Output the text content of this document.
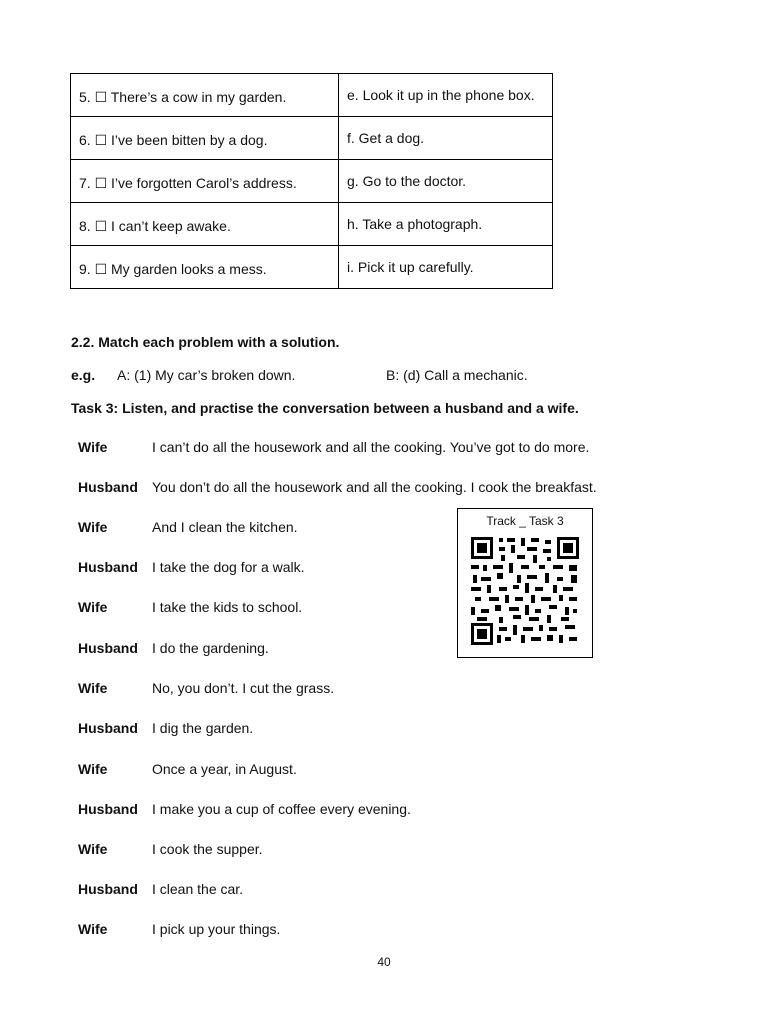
5. ☐ There’s a cow in my garden.	e. Look it up in the phone box.
6. ☐ I’ve been bitten by a dog.	f. Get a dog.
7. ☐ I’ve forgotten Carol’s address.	g. Go to the doctor.
8. ☐ I can’t keep awake.	h. Take a photograph.
9. ☐ My garden looks a mess.	i. Pick it up carefully.
2.2. Match each problem with a solution.
e.g. A: (1) My car’s broken down.	B: (d) Call a mechanic.
Task 3: Listen, and practise the conversation between a husband and a wife.
Wife	I can’t do all the housework and all the cooking. You’ve got to do more.
Husband You don’t do all the housework and all the cooking. I cook the breakfast.
Wife	And I clean the kitchen.
Husband I take the dog for a walk.
Wife	I take the kids to school.
Husband I do the gardening.
Wife	No, you don’t. I cut the grass.
Husband I dig the garden.
Wife	Once a year, in August.
Husband I make you a cup of coffee every evening.
Wife	I cook the supper.
Husband I clean the car.
Wife	I pick up your things.
Track _ Task 3
40
